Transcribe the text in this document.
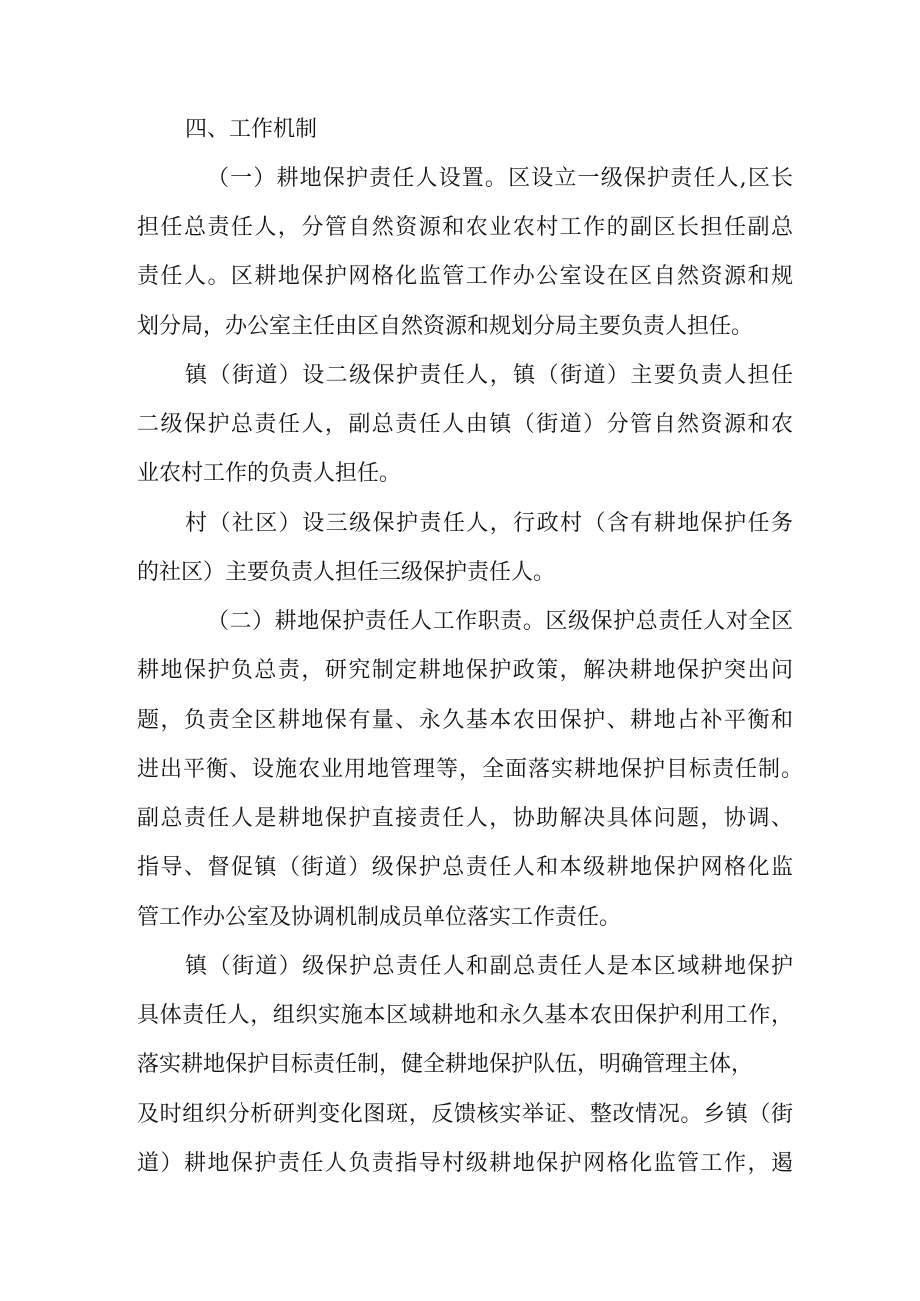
四、工作机制
（一）耕地保护责任人设置。区设立一级保护责任人,区长
担任总责任人，分管自然资源和农业农村工作的副区长担任副总
责任人。区耕地保护网格化监管工作办公室设在区自然资源和规
划分局，办公室主任由区自然资源和规划分局主要负责人担任。
镇（街道）设二级保护责任人，镇（街道）主要负责人担任
二级保护总责任人，副总责任人由镇（街道）分管自然资源和农
业农村工作的负责人担任。
村（社区）设三级保护责任人，行政村（含有耕地保护任务
的社区）主要负责人担任三级保护责任人。
（二）耕地保护责任人工作职责。区级保护总责任人对全区
耕地保护负总责，研究制定耕地保护政策，解决耕地保护突出问
题，负责全区耕地保有量、永久基本农田保护、耕地占补平衡和
进出平衡、设施农业用地管理等，全面落实耕地保护目标责任制。
副总责任人是耕地保护直接责任人，协助解决具体问题，协调、
指导、督促镇（街道）级保护总责任人和本级耕地保护网格化监
管工作办公室及协调机制成员单位落实工作责任。
镇（街道）级保护总责任人和副总责任人是本区域耕地保护
具体责任人，组织实施本区域耕地和永久基本农田保护利用工作，
落实耕地保护目标责任制，健全耕地保护队伍，明确管理主体，
及时组织分析研判变化图斑，反馈核实举证、整改情况。乡镇（街
道）耕地保护责任人负责指导村级耕地保护网格化监管工作，遏
